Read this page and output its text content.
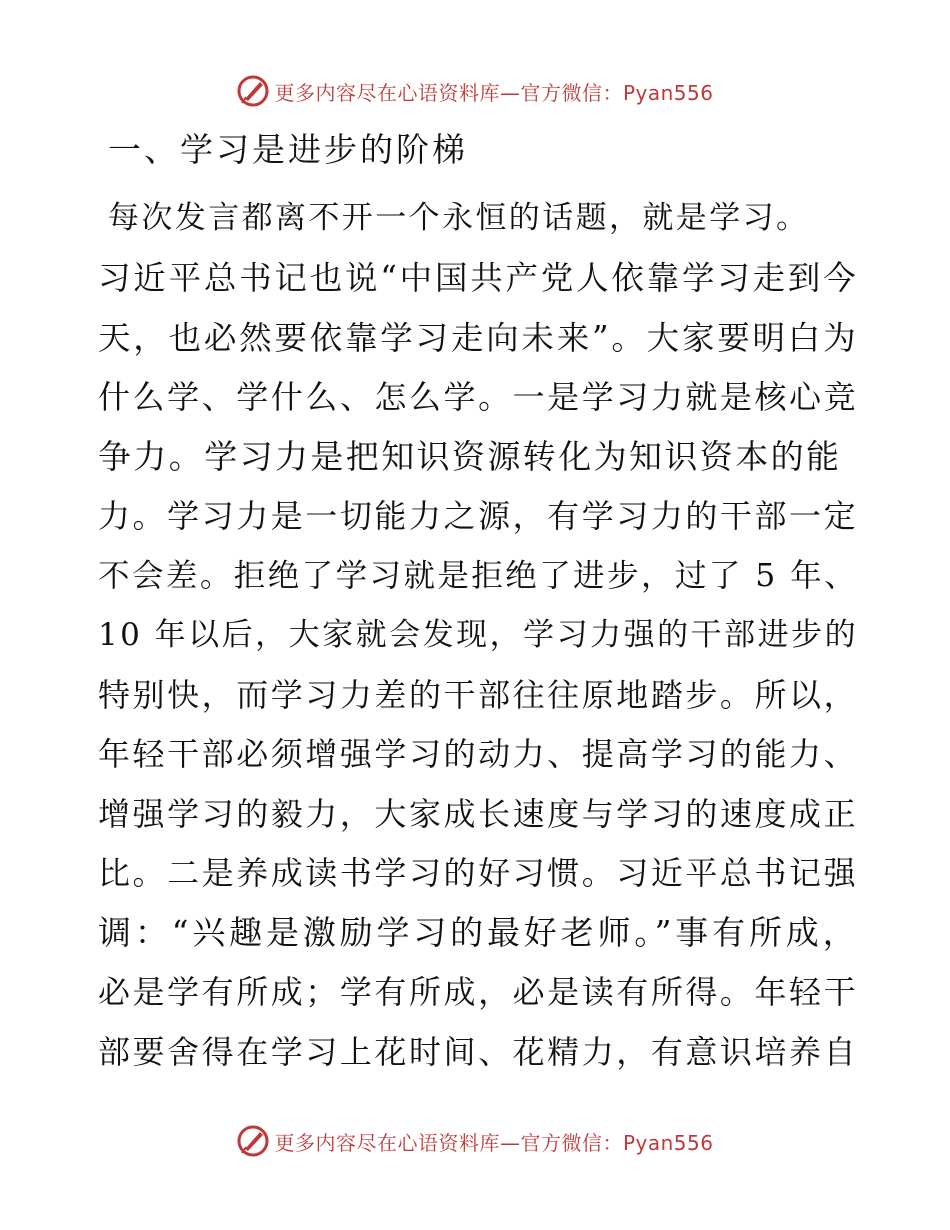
更多内容尽在心语资料库—官方微信：Pyan556
一、学习是进步的阶梯
每次发言都离不开一个永恒的话题，就是学习。
习近平总书记也说“中国共产党人依靠学习走到今
天，也必然要依靠学习走向未来”。大家要明白为
什么学、学什么、怎么学。一是学习力就是核心竞
争力。学习力是把知识资源转化为知识资本的能
力。学习力是一切能力之源，有学习力的干部一定
不会差。拒绝了学习就是拒绝了进步，过了 5 年、
10 年以后，大家就会发现，学习力强的干部进步的
特别快，而学习力差的干部往往原地踏步。所以，
年轻干部必须增强学习的动力、提高学习的能力、
增强学习的毅力，大家成长速度与学习的速度成正
比。二是养成读书学习的好习惯。习近平总书记强
调：“兴趣是激励学习的最好老师。”事有所成，
必是学有所成；学有所成，必是读有所得。年轻干
部要舍得在学习上花时间、花精力，有意识培养自
更多内容尽在心语资料库—官方微信：Pyan556
